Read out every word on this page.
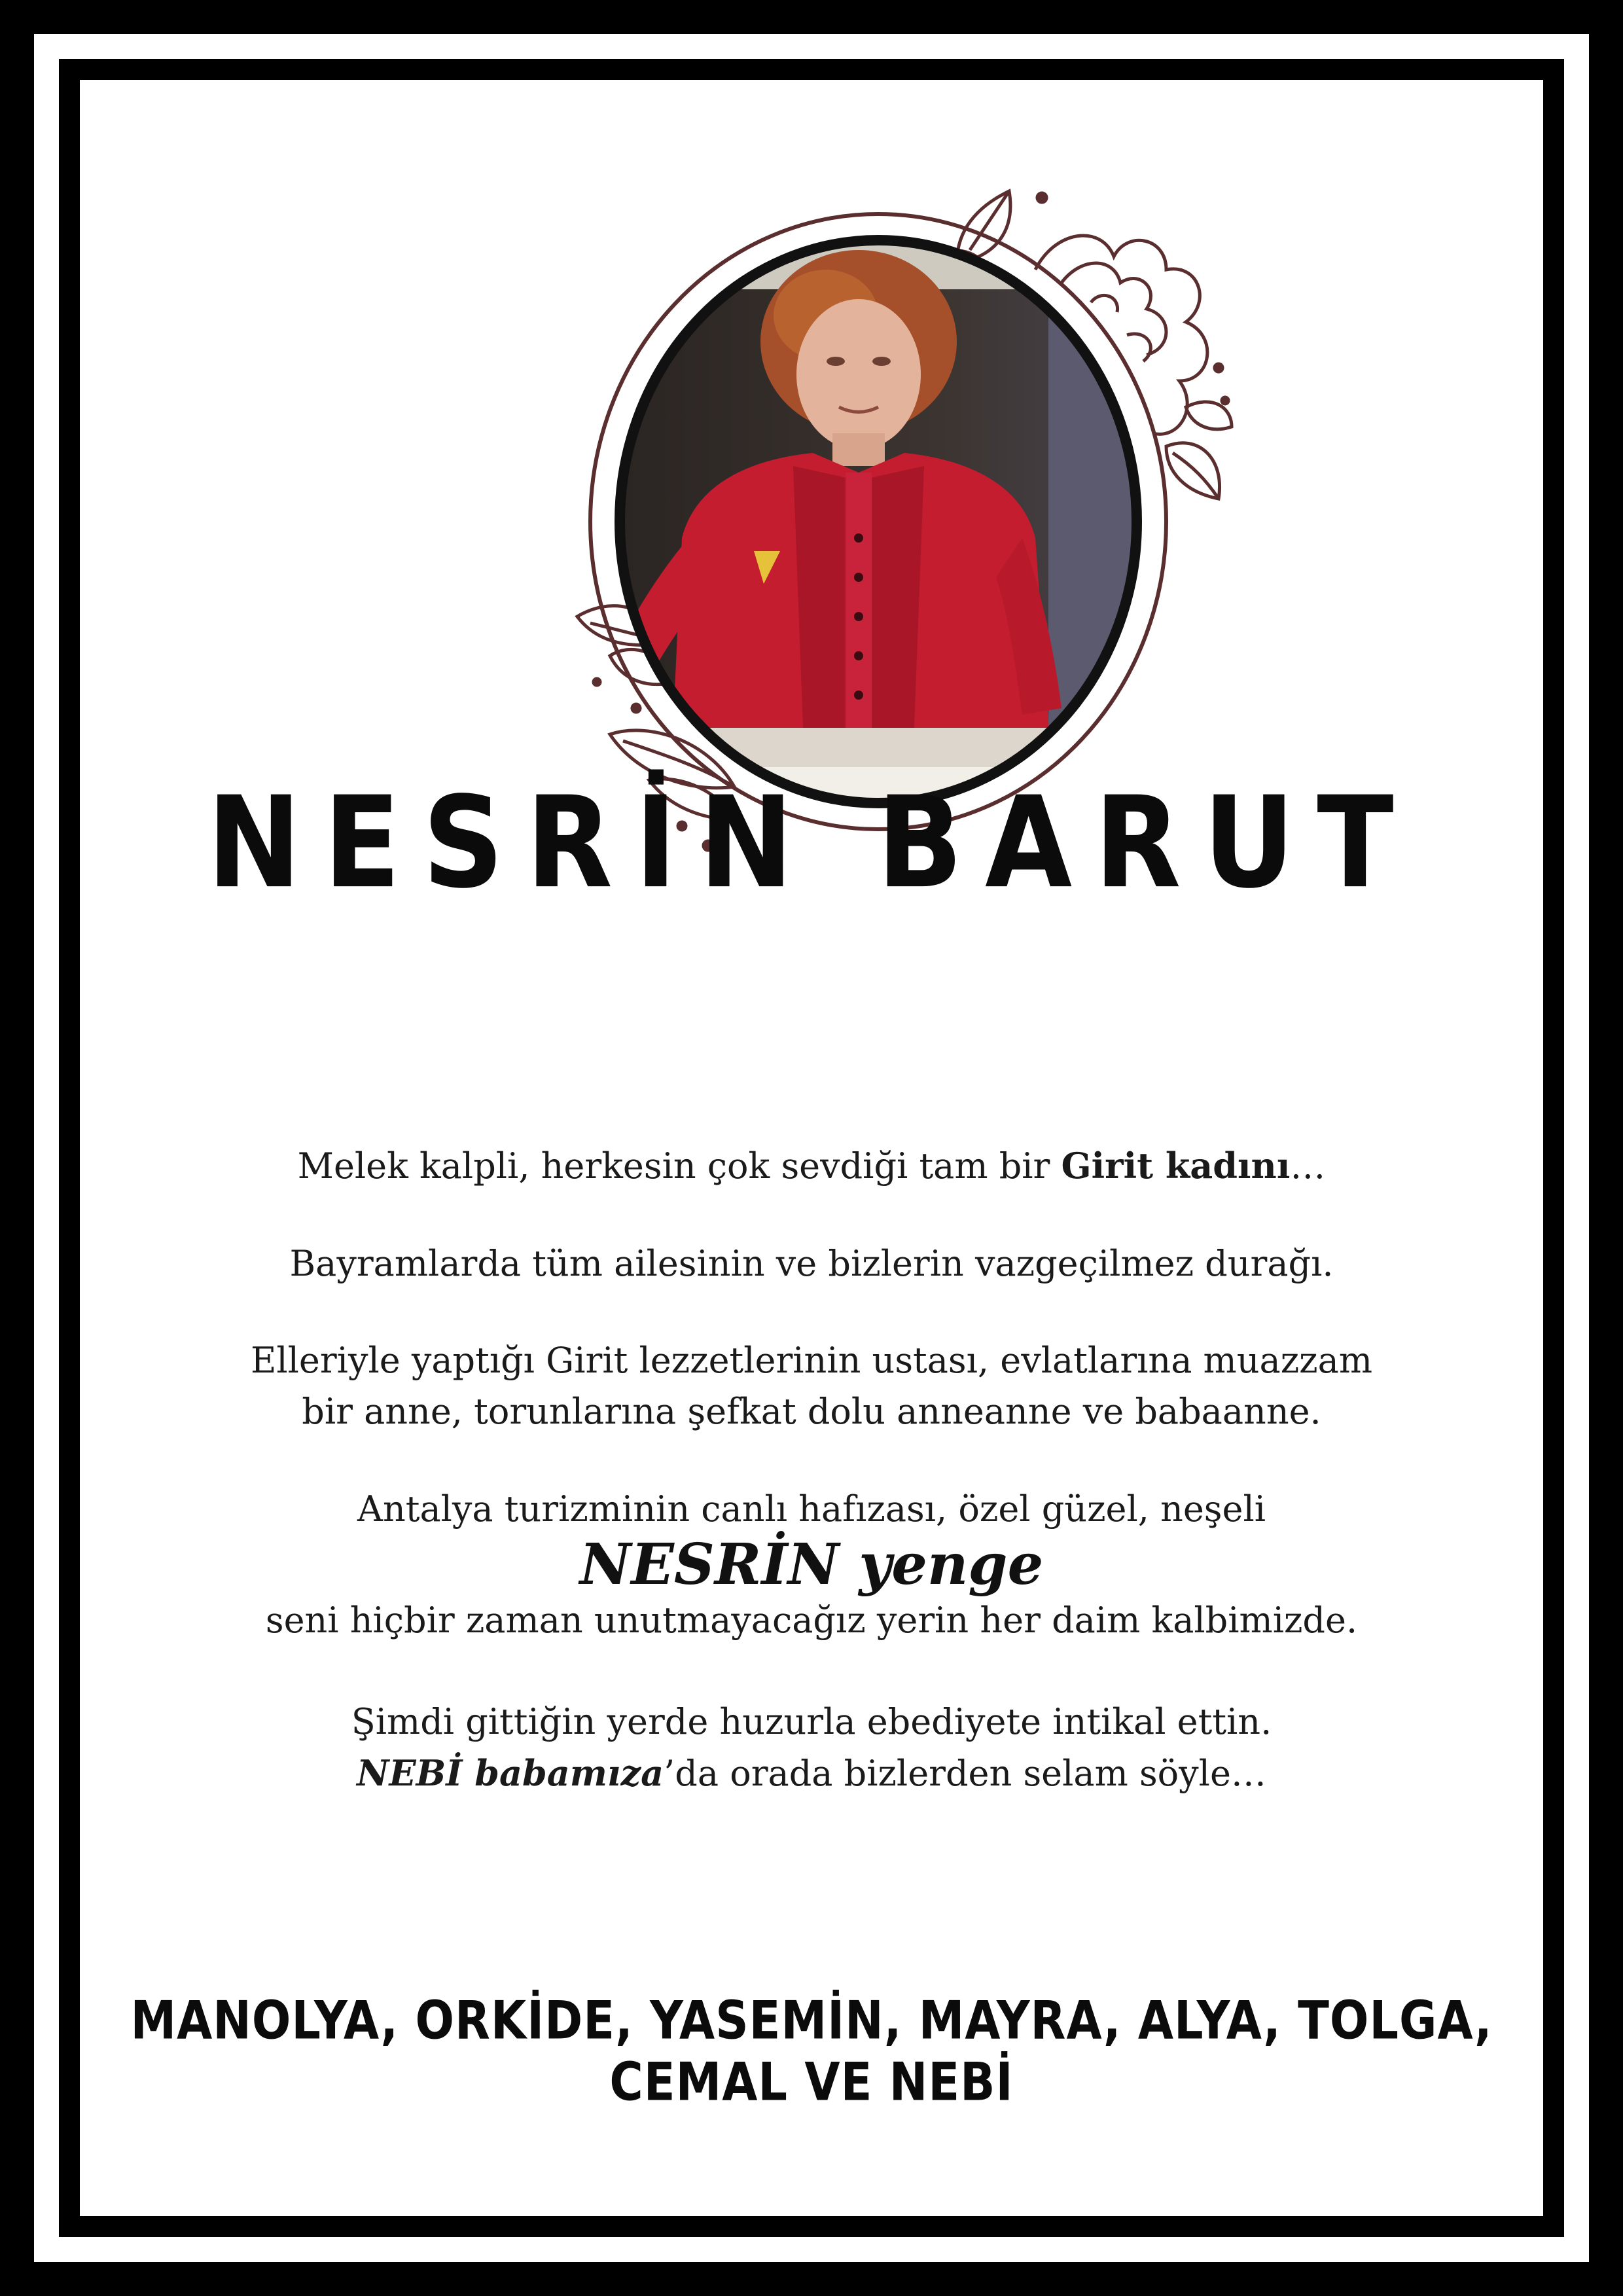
NESRİN BARUT
Melek kalpli, herkesin çok sevdiği tam bir Girit kadını…
Bayramlarda tüm ailesinin ve bizlerin vazgeçilmez durağı.
Elleriyle yaptığı Girit lezzetlerinin ustası, evlatlarına muazzam
bir anne, torunlarına şefkat dolu anneanne ve babaanne.
Antalya turizminin canlı hafızası, özel güzel, neşeli
NESRİN yenge
seni hiçbir zaman unutmayacağız yerin her daim kalbimizde.
Şimdi gittiğin yerde huzurla ebediyete intikal ettin.
NEBİ babamıza’da orada bizlerden selam söyle…
MANOLYA, ORKİDE, YASEMİN, MAYRA, ALYA, TOLGA, CEMAL VE NEBİ
